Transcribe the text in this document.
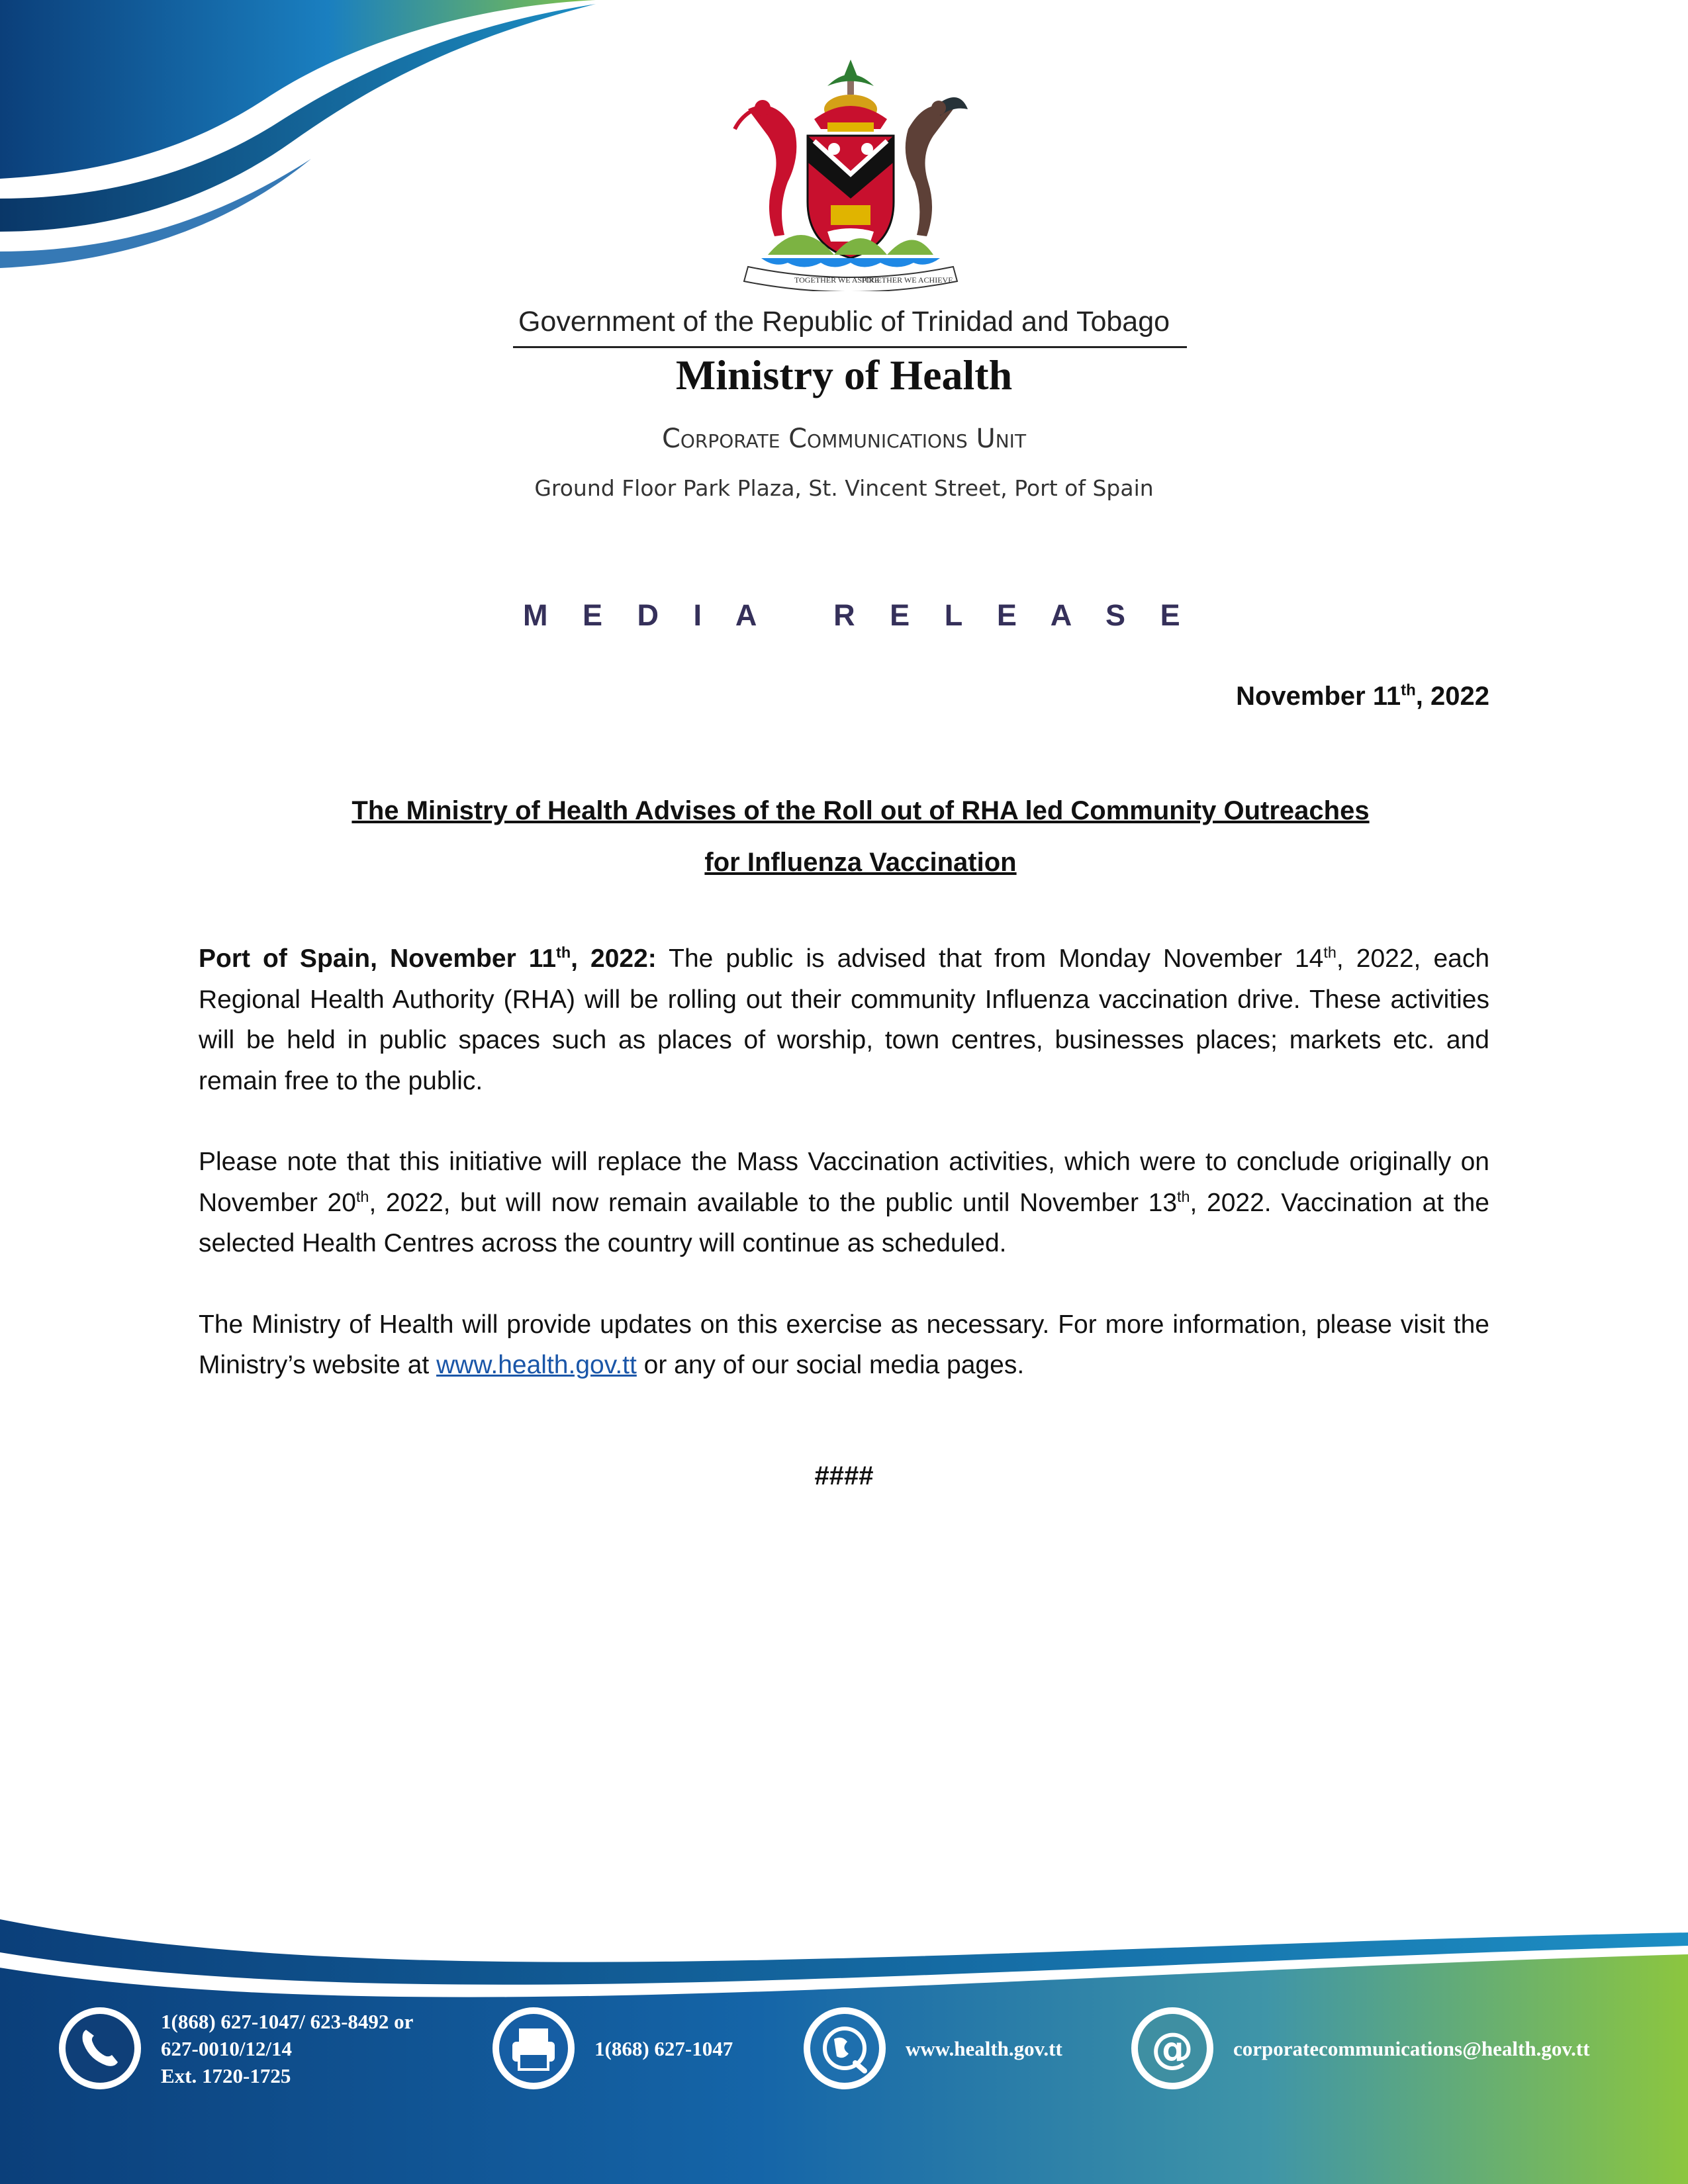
TOGETHER WE ASPIRE
TOGETHER WE ACHIEVE
Government of the Republic of Trinidad and Tobago
Ministry of Health
Corporate Communications Unit
Ground Floor Park Plaza, St. Vincent Street, Port of Spain
M E D I A   R E L E A S E
November 11th, 2022
The Ministry of Health Advises of the Roll out of RHA led Community Outreaches
for Influenza Vaccination

Port of Spain, November 11th, 2022: The public is advised that from Monday November 14th, 2022, each Regional Health Authority (RHA) will be rolling out their community Influenza vaccination drive. These activities will be held in public spaces such as places of worship, town centres, businesses places; markets etc. and remain free to the public.

Please note that this initiative will replace the Mass Vaccination activities, which were to conclude originally on November 20th, 2022, but will now remain available to the public until November 13th, 2022. Vaccination at the selected Health Centres across the country will continue as scheduled.

The Ministry of Health will provide updates on this exercise as necessary. For more information, please visit the Ministry’s website at www.health.gov.tt or any of our social media pages.

####
1(868) 627-1047/ 623-8492 or
627-0010/12/14
Ext. 1720-1725
1(868) 627-1047	www.health.gov.tt @ corporatecommunications@health.gov.tt
